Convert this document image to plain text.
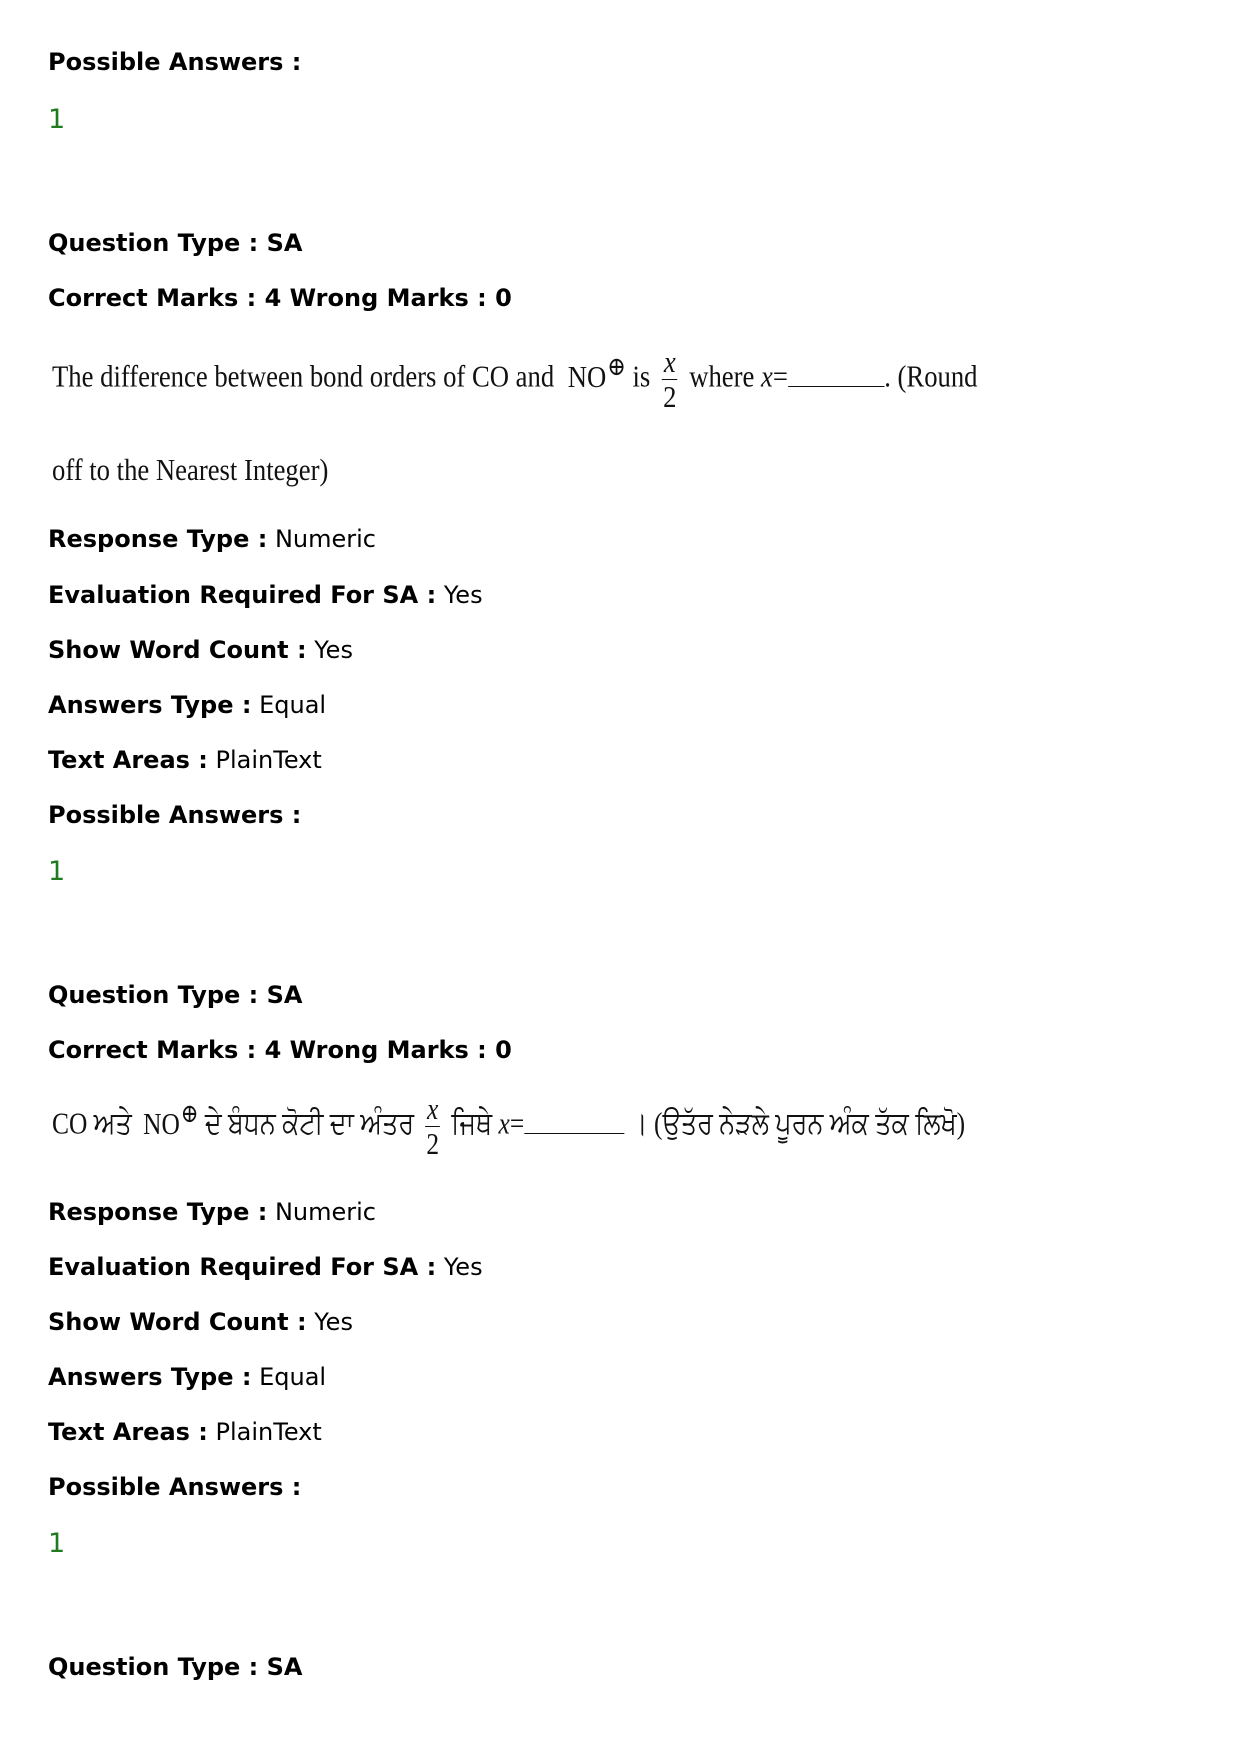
Possible Answers :
1
Question Type : SA
Correct Marks : 4 Wrong Marks : 0
The difference between bond orders of CO and NO⊕ is $\frac{x}{2}$ where x=	. (Round
off to the Nearest Integer)
Response Type : Numeric
Evaluation Required For SA : Yes
Show Word Count : Yes
Answers Type : Equal
Text Areas : PlainText
Possible Answers :
1
Question Type : SA
Correct Marks : 4 Wrong Marks : 0
CO ਅਤੇ NO⊕ ਦੇ ਬੰਧਨ ਕੋਟੀ ਦਾ ਅੰਤਰ $\frac{x}{2}$ ਜਿਥੇ x=	। (ਉਤੱਰ ਨੇੜਲੇ ਪੂਰਨ ਅੰਕ ਤੱਕ ਲਿਖੋ)
Response Type : Numeric
Evaluation Required For SA : Yes
Show Word Count : Yes
Answers Type : Equal
Text Areas : PlainText
Possible Answers :
1
Question Type : SA
